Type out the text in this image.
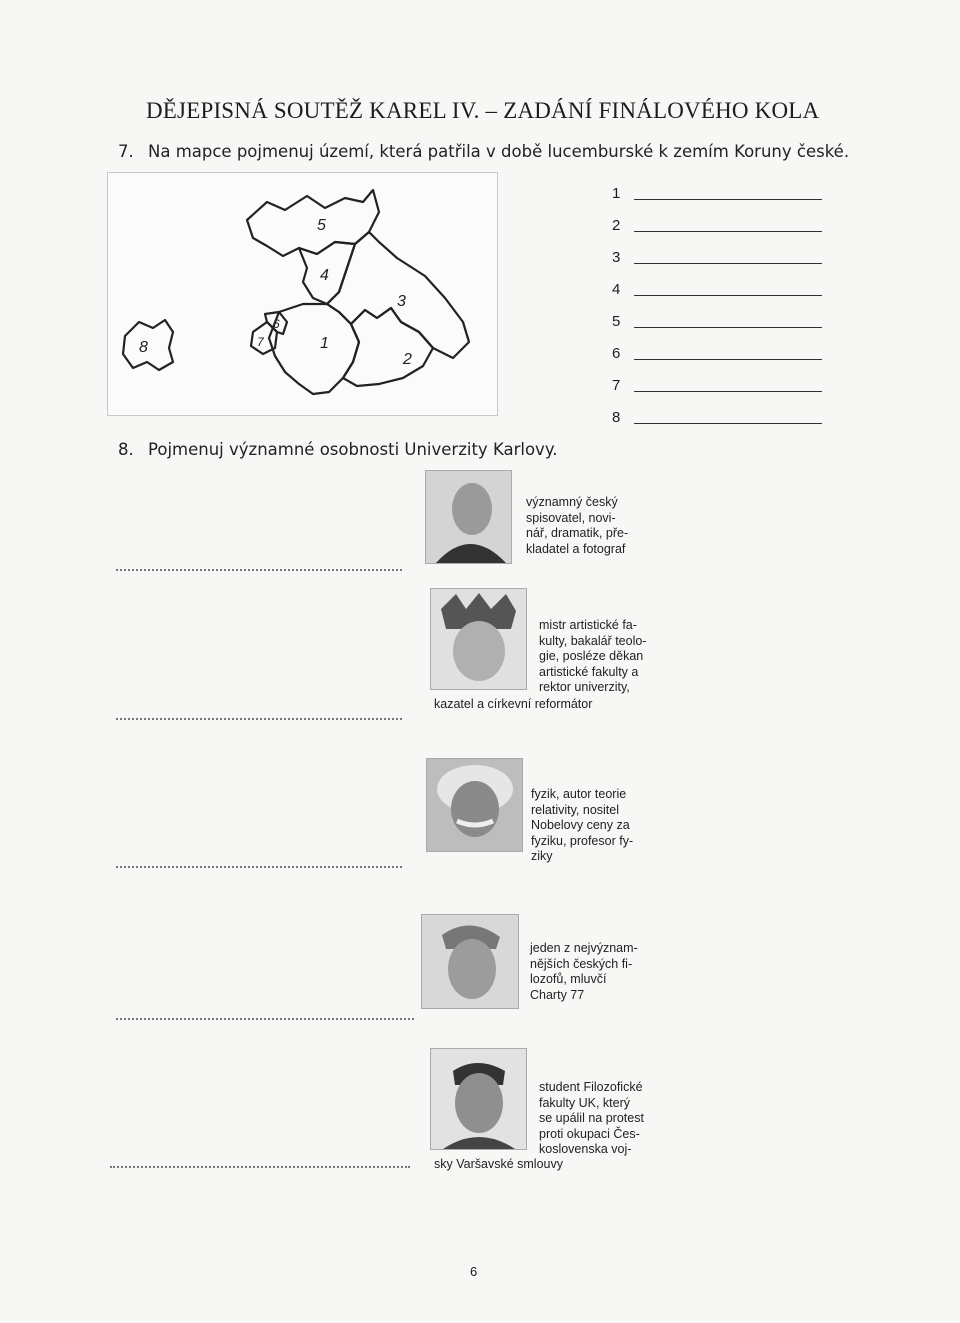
DĚJEPISNÁ SOUTĚŽ KAREL IV. – ZADÁNÍ FINÁLOVÉHO KOLA
7. Na mapce pojmenuj území, která patřila v době lucemburské k zemím Koruny české.
5
4
3
1
2
7
6
8
1
2
3
4
5
6
7
8
8. Pojmenuj významné osobnosti Univerzity Karlovy.
významný český
spisovatel, novi-
nář, dramatik, pře-
kladatel a fotograf
mistr artistické fa-
kulty, bakalář teolo-
gie, posléze děkan
artistické fakulty a
rektor univerzity,
kazatel a církevní reformátor
fyzik, autor teorie
relativity, nositel
Nobelovy ceny za
fyziku, profesor fy-
ziky
jeden z nejvýznam-
nějších českých fi-
lozofů, mluvčí
Charty 77
student Filozofické
fakulty UK, který
se upálil na protest
proti okupaci Čes-
koslovenska voj-
sky Varšavské smlouvy
6
